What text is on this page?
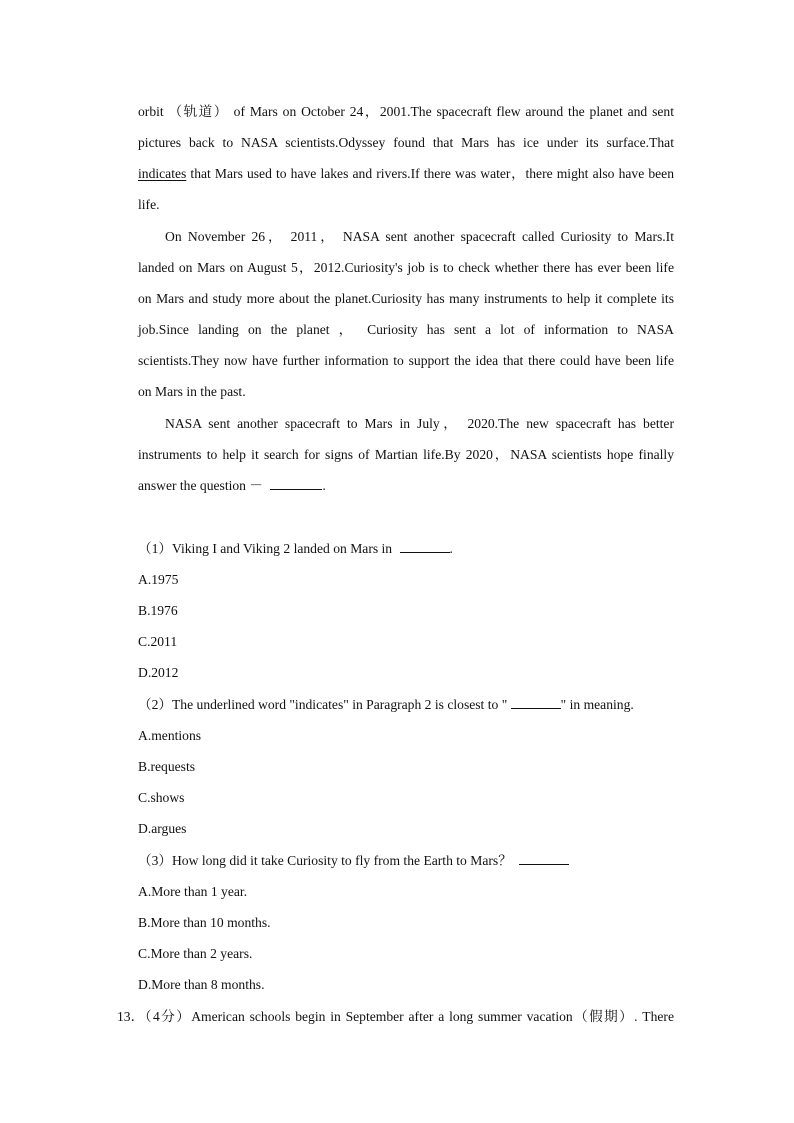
orbit （轨道） of Mars on October 24，2001.The spacecraft flew around the planet and sent
pictures back to NASA scientists.Odyssey found that Mars has ice under its surface.That
indicates that Mars used to have lakes and rivers.If there was water，there might also have been
life.
On November 26， 2011， NASA sent another spacecraft called Curiosity to Mars.It
landed on Mars on August 5，2012.Curiosity's job is to check whether there has ever been life
on Mars and study more about the planet.Curiosity has many instruments to help it complete its
job.Since landing on the planet ， Curiosity has sent a lot of information to NASA
scientists.They now have further information to support the idea that there could have been life
on Mars in the past.
NASA sent another spacecraft to Mars in July， 2020.The new spacecraft has better
instruments to help it search for signs of Martian life.By 2020，NASA scientists hope finally
answer the question －	.
（1）Viking I and Viking 2 landed on Mars in	.
A.1975
B.1976
C.2011
D.2012
（2）The underlined word "indicates" in Paragraph 2 is closest to "	" in meaning.
A.mentions
B.requests
C.shows
D.argues
（3）How long did it take Curiosity to fly from the Earth to Mars？
A.More than 1 year.
B.More than 10 months.
C.More than 2 years.
D.More than 8 months.
13．
（4分）American schools begin in September after a long summer vacation（假期）. There
